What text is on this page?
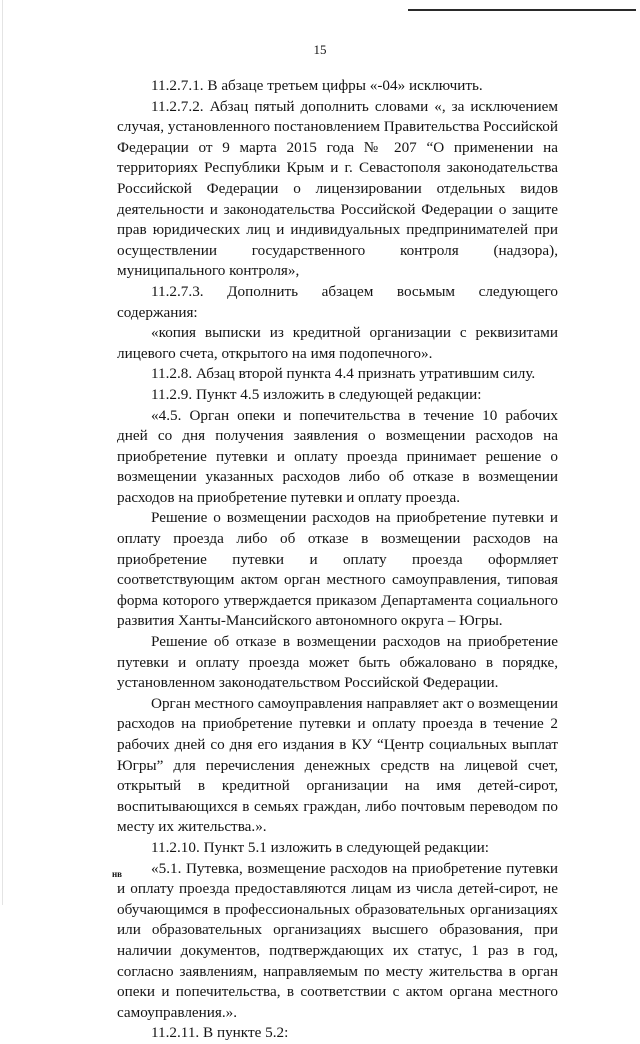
15

11.2.7.1. В абзаце третьем цифры «-04» исключить.

11.2.7.2. Абзац пятый дополнить словами «, за исключением случая, установленного постановлением Правительства Российской Федерации от 9 марта 2015 года № 207 “О применении на территориях Республики Крым и г. Севастополя законодательства Российской Федерации о лицензировании отдельных видов деятельности и законодательства Российской Федерации о защите прав юридических лиц и индивидуальных предпринимателей при осуществлении государственного контроля (надзора), муниципального контроля»,

11.2.7.3. Дополнить абзацем восьмым следующего содержания:

«копия выписки из кредитной организации с реквизитами лицевого счета, открытого на имя подопечного».

11.2.8. Абзац второй пункта 4.4 признать утратившим силу.

11.2.9. Пункт 4.5 изложить в следующей редакции:

«4.5. Орган опеки и попечительства в течение 10 рабочих дней со дня получения заявления о возмещении расходов на приобретение путевки и оплату проезда принимает решение о возмещении указанных расходов либо об отказе в возмещении расходов на приобретение путевки и оплату проезда.

Решение о возмещении расходов на приобретение путевки и оплату проезда либо об отказе в возмещении расходов на приобретение путевки и оплату проезда оформляет соответствующим актом орган местного самоуправления, типовая форма которого утверждается приказом Департамента социального развития Ханты-Мансийского автономного округа – Югры.

Решение об отказе в возмещении расходов на приобретение путевки и оплату проезда может быть обжаловано в порядке, установленном законодательством Российской Федерации.

Орган местного самоуправления направляет акт о возмещении расходов на приобретение путевки и оплату проезда в течение 2 рабочих дней со дня его издания в КУ “Центр социальных выплат Югры” для перечисления денежных средств на лицевой счет, открытый в кредитной организации на имя детей-сирот, воспитывающихся в семьях граждан, либо почтовым переводом по месту их жительства.».

11.2.10. Пункт 5.1 изложить в следующей редакции:

«5.1. Путевка, возмещение расходов на приобретение путевки и оплату проезда предоставляются лицам из числа детей-сирот, не обучающимся в профессиональных образовательных организациях или образовательных организациях высшего образования, при наличии документов, подтверждающих их статус, 1 раз в год, согласно заявлениям, направляемым по месту жительства в орган опеки и попечительства, в соответствии с актом органа местного самоуправления.».

11.2.11. В пункте 5.2:

нв
